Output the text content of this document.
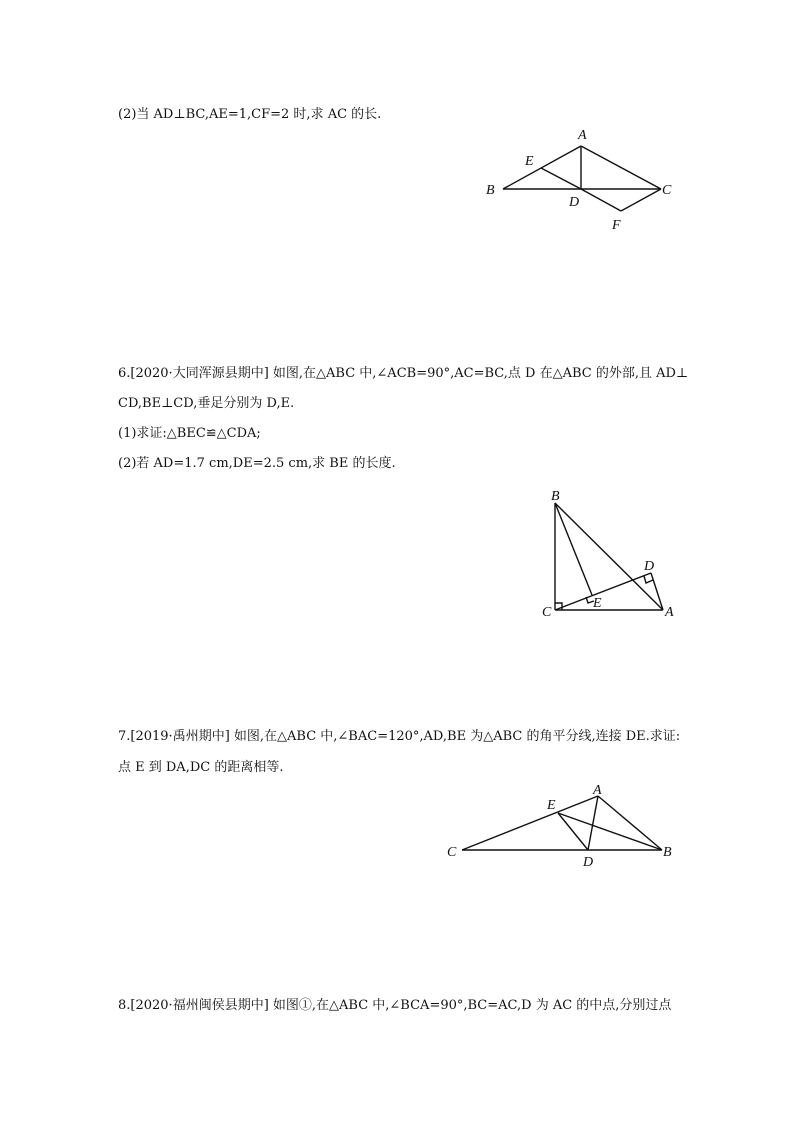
(2)当 AD⊥BC,AE=1,CF=2 时,求 AC 的长.
A
B	C
D
E
F
6.[2020·大同浑源县期中] 如图,在△ABC 中,∠ACB=90°,AC=BC,点 D 在△ABC 的外部,且 AD⊥
CD,BE⊥CD,垂足分别为 D,E.
(1)求证:△BEC≌△CDA;
(2)若 AD=1.7 cm,DE=2.5 cm,求 BE 的长度.
B
C	A
D
E
7.[2019·禹州期中] 如图,在△ABC 中,∠BAC=120°,AD,BE 为△ABC 的角平分线,连接 DE.求证:
点 E 到 DA,DC 的距离相等.
A
C	B
D
E
8.[2020·福州闽侯县期中] 如图①,在△ABC 中,∠BCA=90°,BC=AC,D 为 AC 的中点,分别过点
